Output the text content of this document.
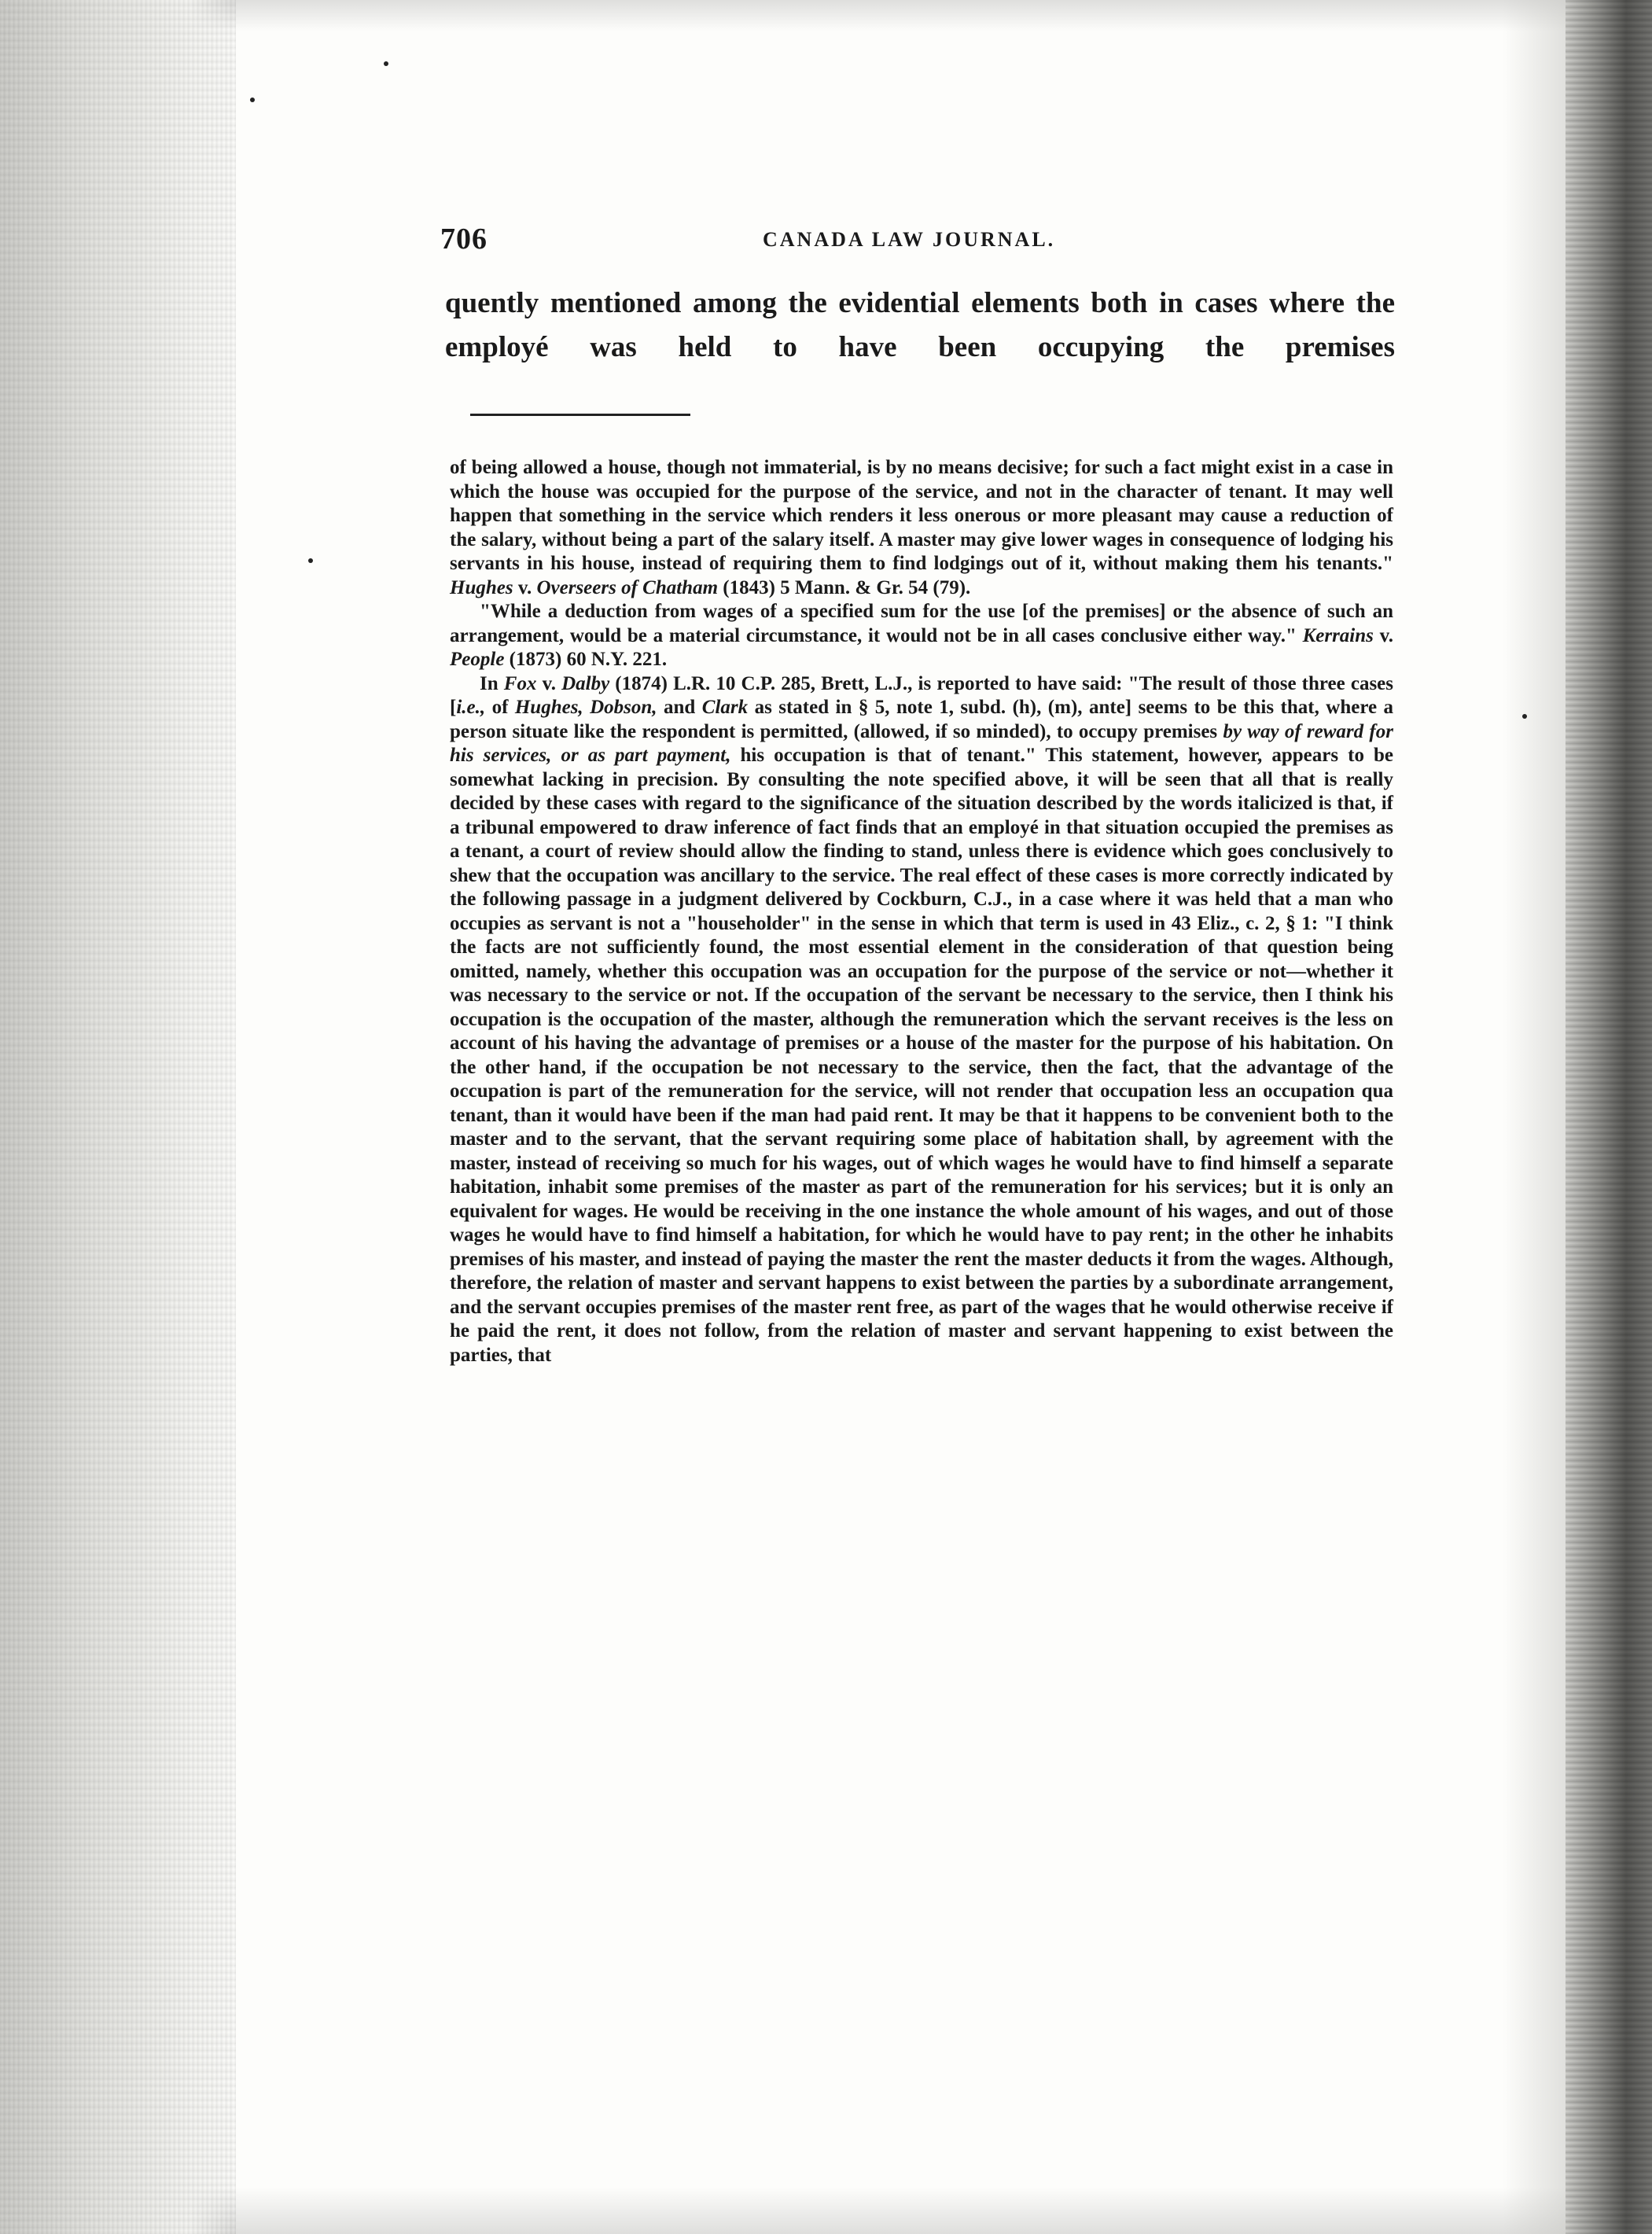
706	CANADA LAW JOURNAL.

quently mentioned among the evidential elements both in cases where the employé was held to have been occupying the premises

of being allowed a house, though not immaterial, is by no means decisive; for such a fact might exist in a case in which the house was occupied for the purpose of the service, and not in the character of tenant. It may well happen that something in the service which renders it less onerous or more pleasant may cause a reduction of the salary, without being a part of the salary itself. A master may give lower wages in consequence of lodging his servants in his house, instead of requiring them to find lodgings out of it, without making them his tenants." Hughes v. Overseers of Chatham (1843) 5 Mann. & Gr. 54 (79).

"While a deduction from wages of a specified sum for the use [of the premises] or the absence of such an arrangement, would be a material circumstance, it would not be in all cases conclusive either way." Kerrains v. People (1873) 60 N.Y. 221.

In Fox v. Dalby (1874) L.R. 10 C.P. 285, Brett, L.J., is reported to have said: "The result of those three cases [i.e., of Hughes, Dobson, and Clark as stated in § 5, note 1, subd. (h), (m), ante] seems to be this that, where a person situate like the respondent is permitted, (allowed, if so minded), to occupy premises by way of reward for his services, or as part payment, his occupation is that of tenant." This statement, however, appears to be somewhat lacking in precision. By consulting the note specified above, it will be seen that all that is really decided by these cases with regard to the significance of the situation described by the words italicized is that, if a tribunal empowered to draw inference of fact finds that an employé in that situation occupied the premises as a tenant, a court of review should allow the finding to stand, unless there is evidence which goes conclusively to shew that the occupation was ancillary to the service. The real effect of these cases is more correctly indicated by the following passage in a judgment delivered by Cockburn, C.J., in a case where it was held that a man who occupies as servant is not a "householder" in the sense in which that term is used in 43 Eliz., c. 2, § 1: "I think the facts are not sufficiently found, the most essential element in the consideration of that question being omitted, namely, whether this occupation was an occupation for the purpose of the service or not—whether it was necessary to the service or not. If the occupation of the servant be necessary to the service, then I think his occupation is the occupation of the master, although the remuneration which the servant receives is the less on account of his having the advantage of premises or a house of the master for the purpose of his habitation. On the other hand, if the occupation be not necessary to the service, then the fact, that the advantage of the occupation is part of the remuneration for the service, will not render that occupation less an occupation qua tenant, than it would have been if the man had paid rent. It may be that it happens to be convenient both to the master and to the servant, that the servant requiring some place of habitation shall, by agreement with the master, instead of receiving so much for his wages, out of which wages he would have to find himself a separate habitation, inhabit some premises of the master as part of the remuneration for his services; but it is only an equivalent for wages. He would be receiving in the one instance the whole amount of his wages, and out of those wages he would have to find himself a habitation, for which he would have to pay rent; in the other he inhabits premises of his master, and instead of paying the master the rent the master deducts it from the wages. Although, therefore, the relation of master and servant happens to exist between the parties by a subordinate arrangement, and the servant occupies premises of the master rent free, as part of the wages that he would otherwise receive if he paid the rent, it does not follow, from the relation of master and servant happening to exist between the parties, that
